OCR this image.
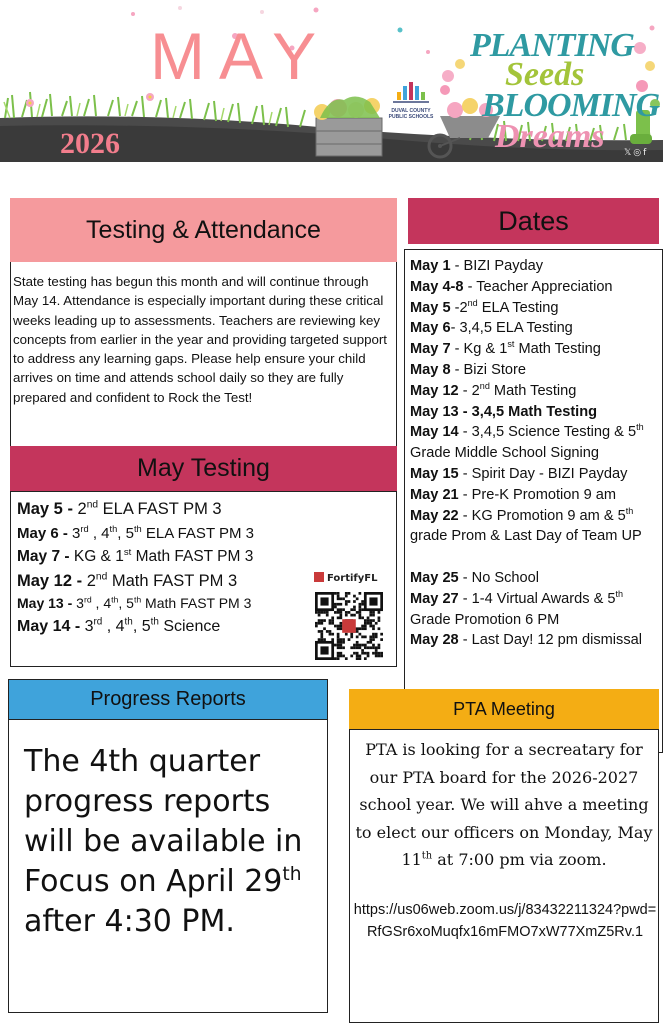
MAY
2026
DUVAL COUNTY
PUBLIC SCHOOLS
PLANTING
Seeds
BLOOMING
Dreams 𝕏◎f
Testing & Attendance

State testing has begun this month and will continue through May 14. Attendance is especially important during these critical weeks leading up to assessments. Teachers are reviewing key concepts from earlier in the year and providing targeted support to address any learning gaps. Please help ensure your child arrives on time and attends school daily so they are fully prepared and confident to Rock the Test!

May Testing
May 5 - 2nd ELA FAST PM 3
May 6 - 3rd , 4th, 5th ELA FAST PM 3
May 7 - KG & 1st Math FAST PM 3
May 12 - 2nd Math FAST PM 3
May 13 - 3rd , 4th, 5th Math FAST PM 3
May 14 - 3rd , 4th, 5th Science
FortifyFL
Dates
May 1 - BIZI Payday
May 4-8 - Teacher Appreciation
May 5 -2nd ELA Testing
May 6- 3,4,5 ELA Testing
May 7 - Kg & 1st Math Testing
May 8 - Bizi Store
May 12 - 2nd Math Testing
May 13 - 3,4,5 Math Testing
May 14 - 3,4,5 Science Testing & 5th Grade Middle School Signing
May 15 - Spirit Day - BIZI Payday
May 21 - Pre-K Promotion 9 am
May 22 - KG Promotion 9 am & 5th grade Prom & Last Day of Team UP
May 25 - No School
May 27 - 1-4 Virtual Awards & 5th Grade Promotion 6 PM
May 28 - Last Day! 12 pm dismissal
Progress Reports

The 4th quarter progress reports will be available in Focus on April 29th after 4:30 PM.

PTA Meeting
PTA is looking for a secreatary for our PTA board for the 2026-2027 school year. We will ahve a meeting to elect our officers on Monday, May 11th at 7:00 pm via zoom.
https://us06web.zoom.us/j/83432211324?pwd=RfGSr6xoMuqfx16mFMO7xW77XmZ5Rv.1
